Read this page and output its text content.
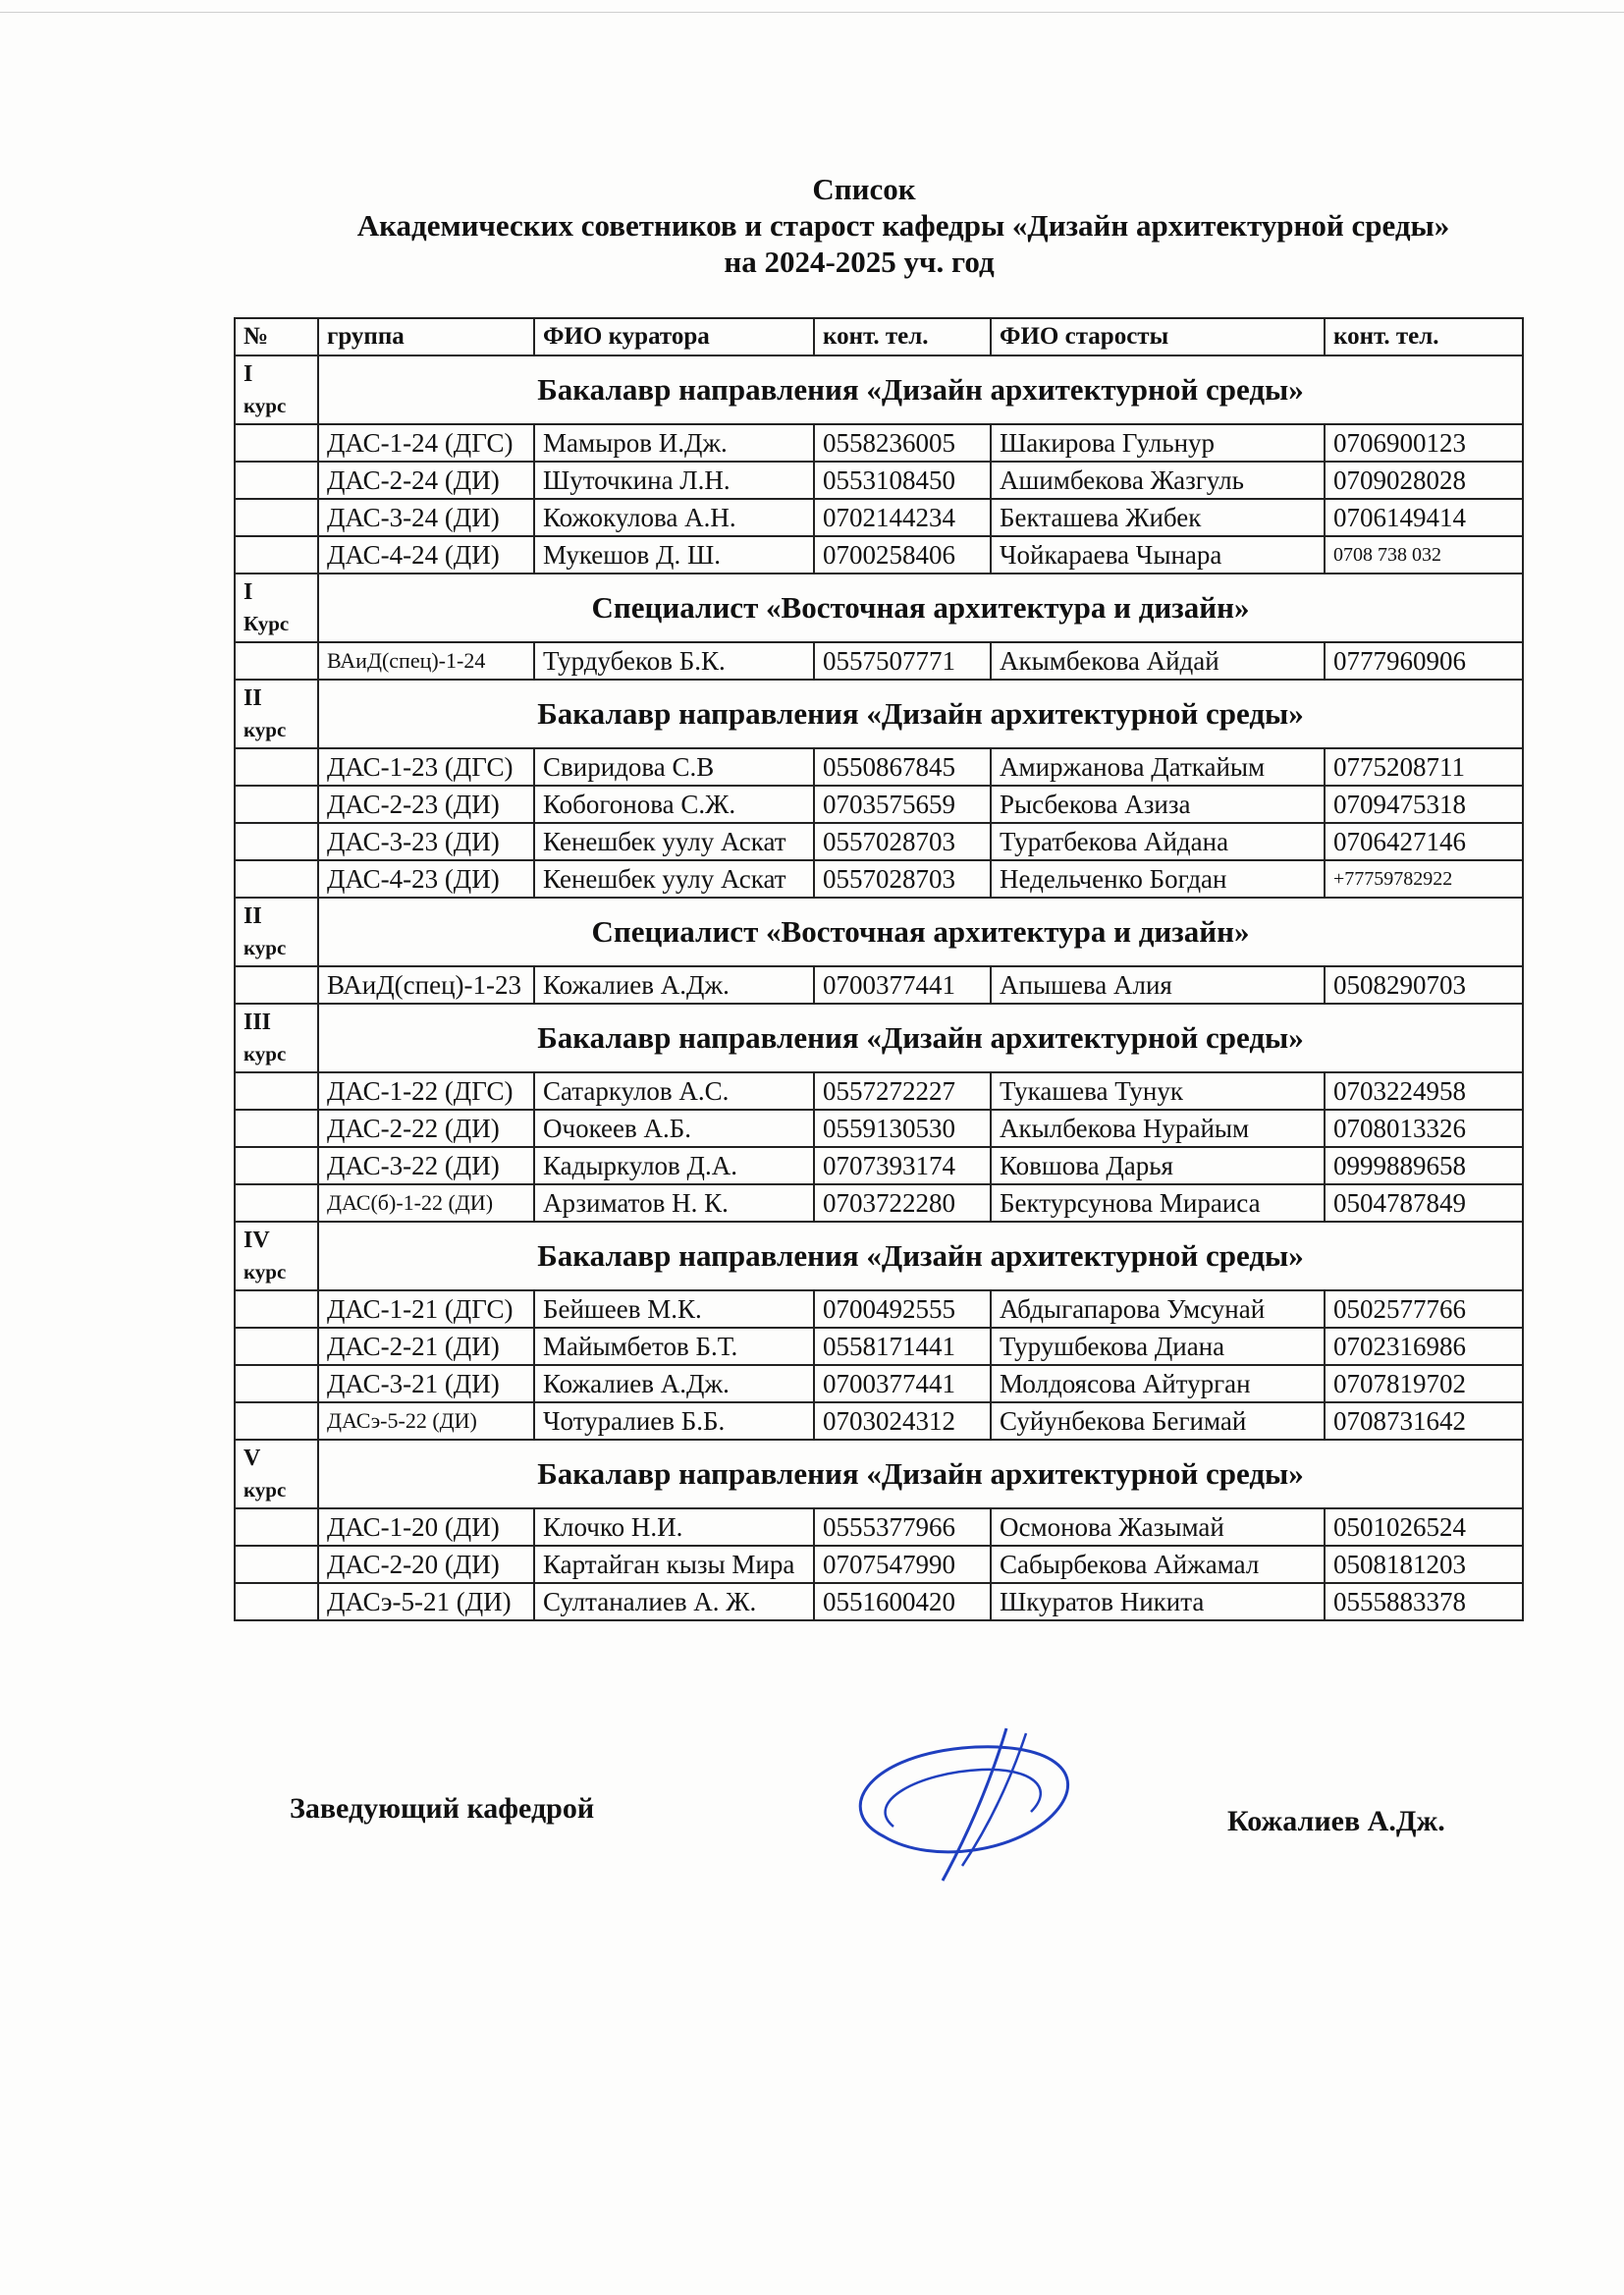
Список
Академических советников и старост кафедры «Дизайн архитектурной среды»
на 2024-2025 уч. год
№	группа	ФИО куратора	конт. тел.	ФИО старосты	конт. тел.

I
курс	Бакалавр направления «Дизайн архитектурной среды»				

	ДАС-1-24 (ДГС)	Мамыров И.Дж.	0558236005	Шакирова Гульнур	0706900123
	ДАС-2-24 (ДИ)	Шуточкина Л.Н.	0553108450	Ашимбекова Жазгуль	0709028028
	ДАС-3-24 (ДИ)	Кожокулова А.Н.	0702144234	Бекташева Жибек	0706149414
	ДАС-4-24 (ДИ)	Мукешов Д. Ш.	0700258406	Чойкараева Чынара	0708 738 032

I
Курс	Специалист «Восточная архитектура и дизайн»				

	ВАиД(спец)-1-24	Турдубеков Б.К.	0557507771	Акымбекова Айдай	0777960906

II
курс	Бакалавр направления «Дизайн архитектурной среды»				

	ДАС-1-23 (ДГС)	Свиридова С.В	0550867845	Амиржанова Даткайым	0775208711
	ДАС-2-23 (ДИ)	Кобогонова С.Ж.	0703575659	Рысбекова Азиза	0709475318
	ДАС-3-23 (ДИ)	Кенешбек уулу Аскат	0557028703	Туратбекова Айдана	0706427146
	ДАС-4-23 (ДИ)	Кенешбек уулу Аскат	0557028703	Недельченко Богдан	+77759782922

II
курс	Специалист «Восточная архитектура и дизайн»				

	ВАиД(спец)-1-23	Кожалиев А.Дж.	0700377441	Апышева Алия	0508290703

III
курс	Бакалавр направления «Дизайн архитектурной среды»				

	ДАС-1-22 (ДГС)	Сатаркулов А.С.	0557272227	Тукашева Тунук	0703224958
	ДАС-2-22 (ДИ)	Очокеев А.Б.	0559130530	Акылбекова Нурайым	0708013326
	ДАС-3-22 (ДИ)	Кадыркулов Д.А.	0707393174	Ковшова Дарья	0999889658
	ДАС(б)-1-22 (ДИ)	Арзиматов Н. К.	0703722280	Бектурсунова Мираиса	0504787849

IV
курс	Бакалавр направления «Дизайн архитектурной среды»				

	ДАС-1-21 (ДГС)	Бейшеев М.К.	0700492555	Абдыгапарова Умсунай	0502577766
	ДАС-2-21 (ДИ)	Майымбетов Б.Т.	0558171441	Турушбекова Диана	0702316986
	ДАС-3-21 (ДИ)	Кожалиев А.Дж.	0700377441	Молдоясова Айтурган	0707819702
	ДАСэ-5-22 (ДИ)	Чотуралиев Б.Б.	0703024312	Суйунбекова Бегимай	0708731642

V
курс	Бакалавр направления «Дизайн архитектурной среды»				

	ДАС-1-20 (ДИ)	Клочко Н.И.	0555377966	Осмонова Жазымай	0501026524
	ДАС-2-20 (ДИ)	Картайган кызы Мира	0707547990	Сабырбекова Айжамал	0508181203
	ДАСэ-5-21 (ДИ)	Султаналиев А. Ж.	0551600420	Шкуратов Никита	0555883378
Заведующий кафедрой	Кожалиев А.Дж.
